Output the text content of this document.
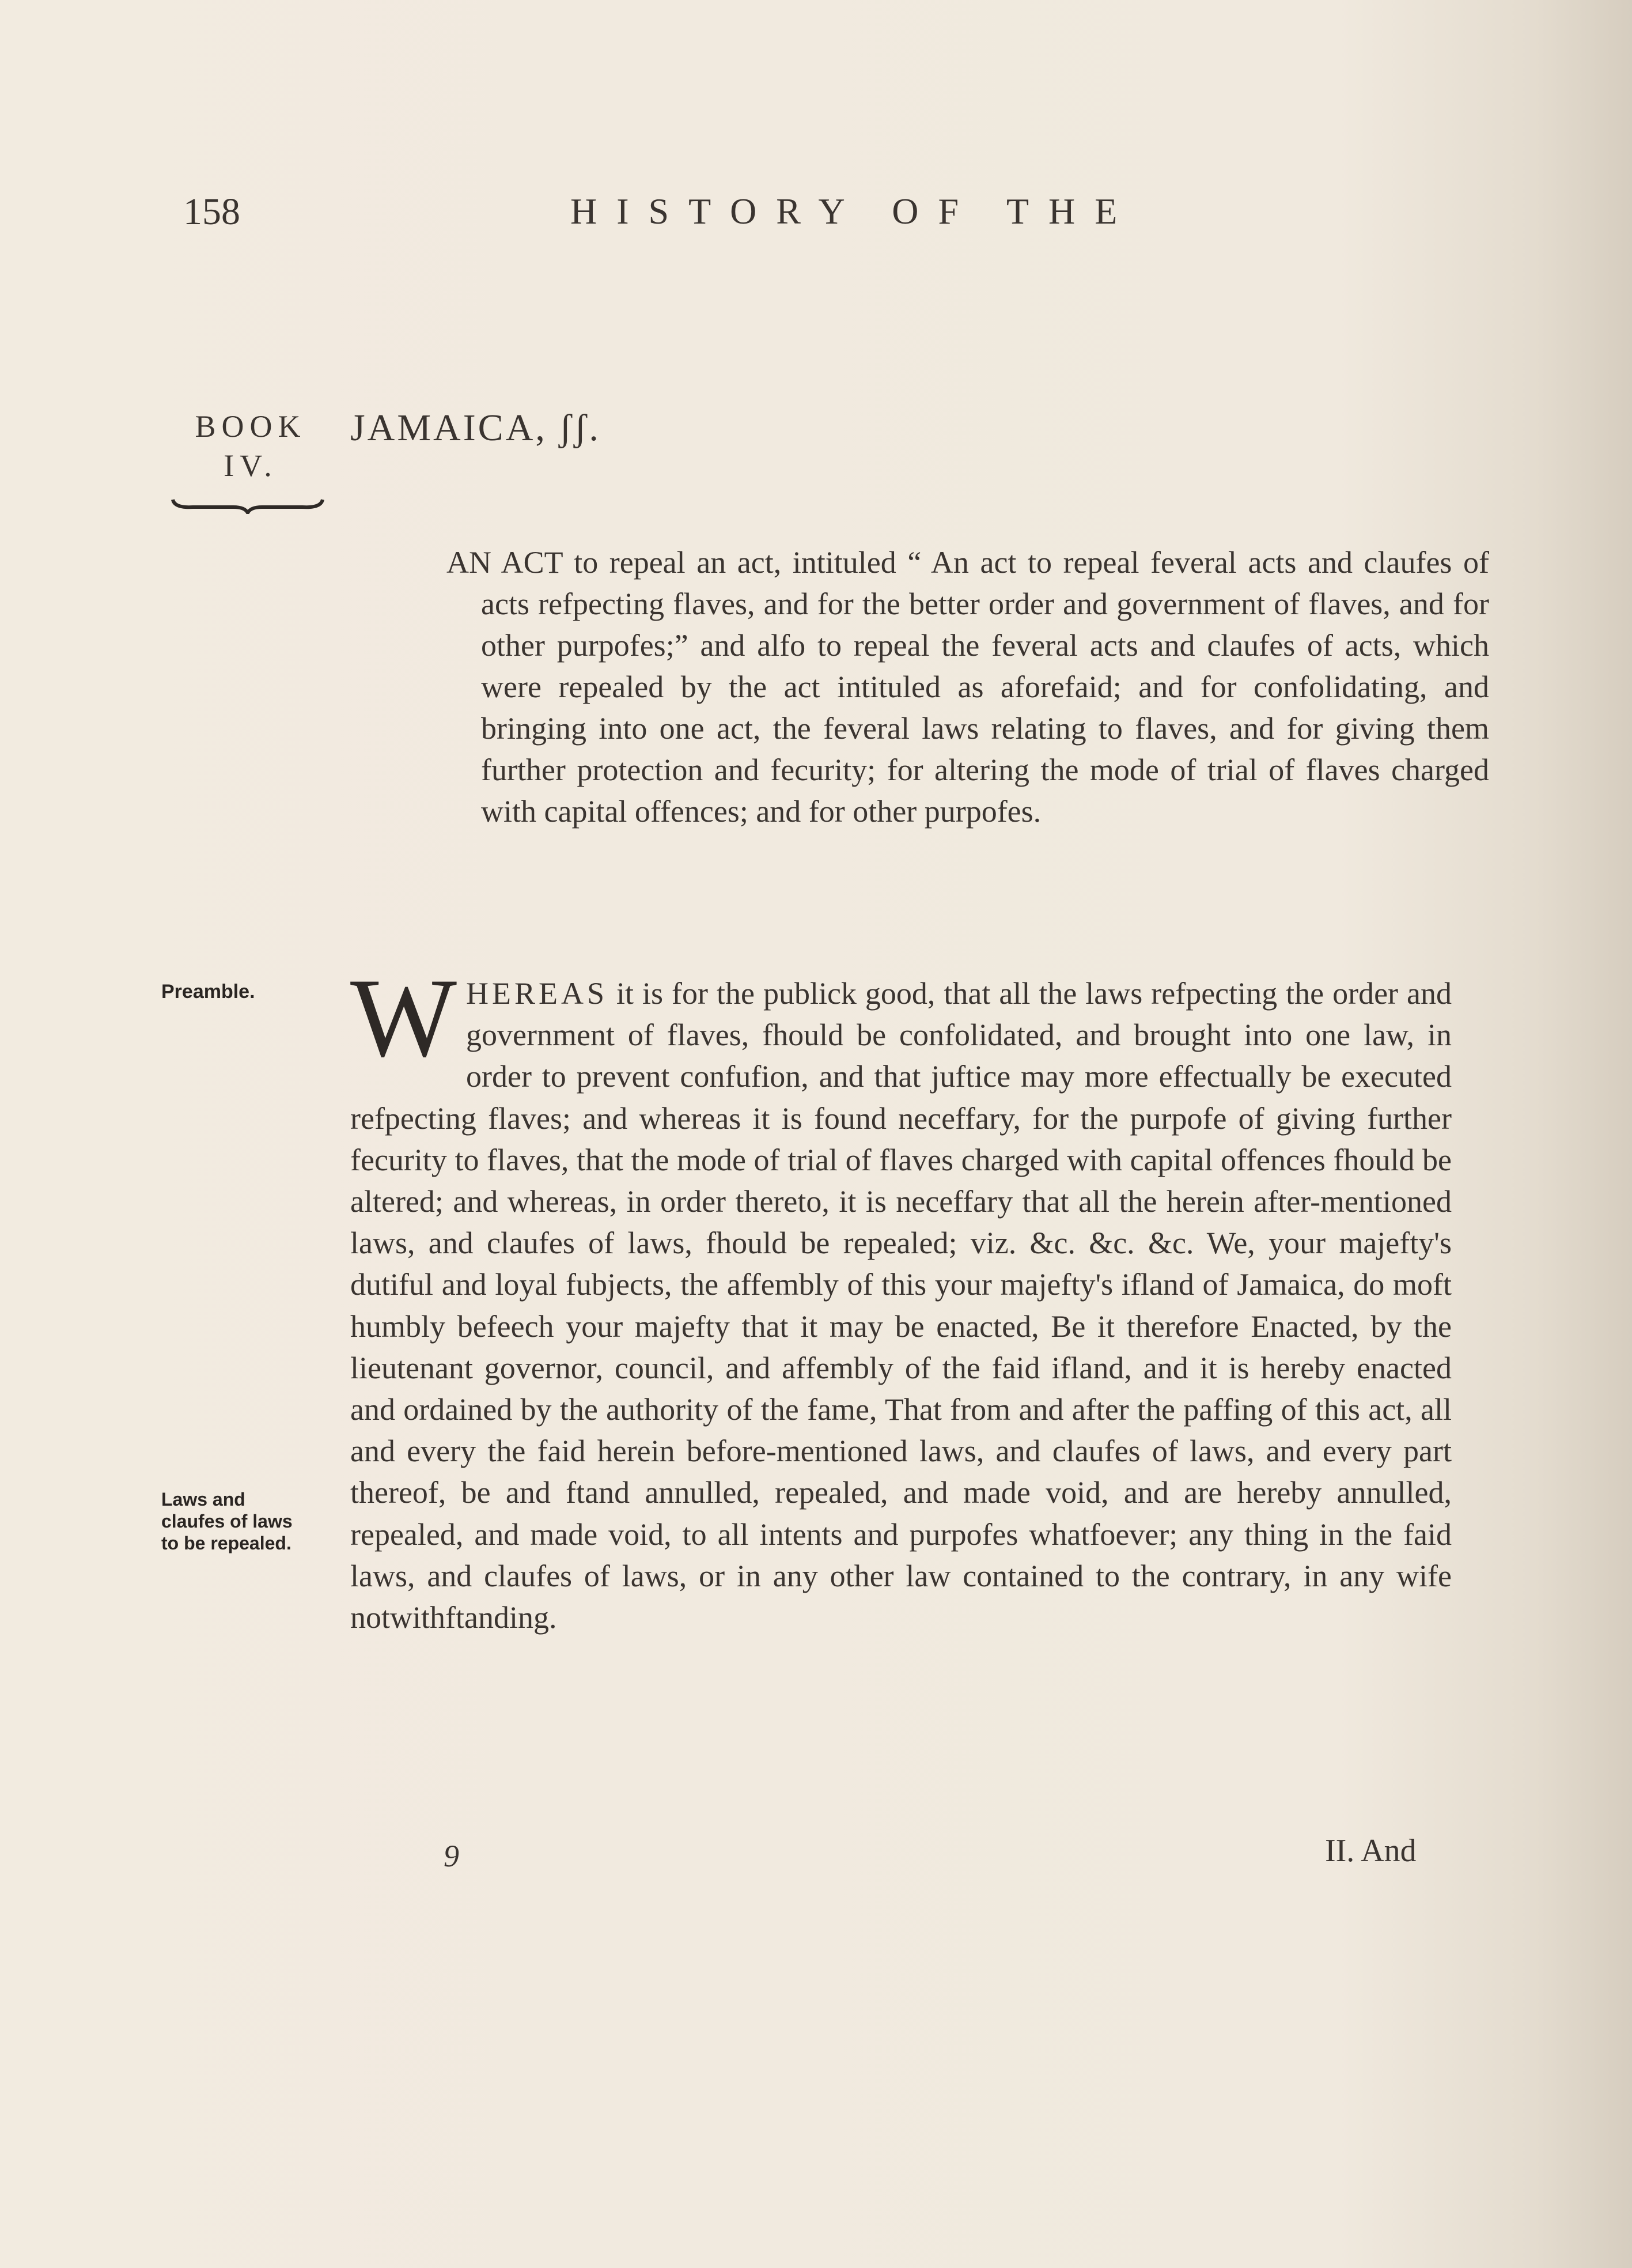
158	HISTORY OF THE
BOOK
IV.
JAMAICA, ʃʃ.
AN ACT to repeal an act, intituled “ An act to repeal feveral acts and claufes of acts refpecting flaves, and for the better order and government of flaves, and for other purpofes;” and alfo to repeal the feveral acts and claufes of acts, which were repealed by the act intituled as aforefaid; and for confolidating, and bringing into one act, the feveral laws relating to flaves, and for giving them further protection and fecurity; for altering the mode of trial of flaves charged with capital offences; and for other purpofes.
Preamble.
Laws and claufes of laws to be repealed.
WHEREAS it is for the publick good, that all the laws refpecting the order and government of flaves, fhould be confolidated, and brought into one law, in order to prevent confufion, and that juftice may more effectually be executed refpecting flaves; and whereas it is found neceffary, for the purpofe of giving further fecurity to flaves, that the mode of trial of flaves charged with capital offences fhould be altered; and whereas, in order thereto, it is neceffary that all the herein after-mentioned laws, and claufes of laws, fhould be repealed; viz. &c. &c. &c. We, your majefty's dutiful and loyal fubjects, the affembly of this your majefty's ifland of Jamaica, do moft humbly befeech your majefty that it may be enacted, Be it therefore Enacted, by the lieutenant governor, council, and affembly of the faid ifland, and it is hereby enacted and ordained by the authority of the fame, That from and after the paffing of this act, all and every the faid herein before-mentioned laws, and claufes of laws, and every part thereof, be and ftand annulled, repealed, and made void, and are hereby annulled, repealed, and made void, to all intents and purpofes whatfoever; any thing in the faid laws, and claufes of laws, or in any other law contained to the contrary, in any wife notwithftanding.
9	II. And
